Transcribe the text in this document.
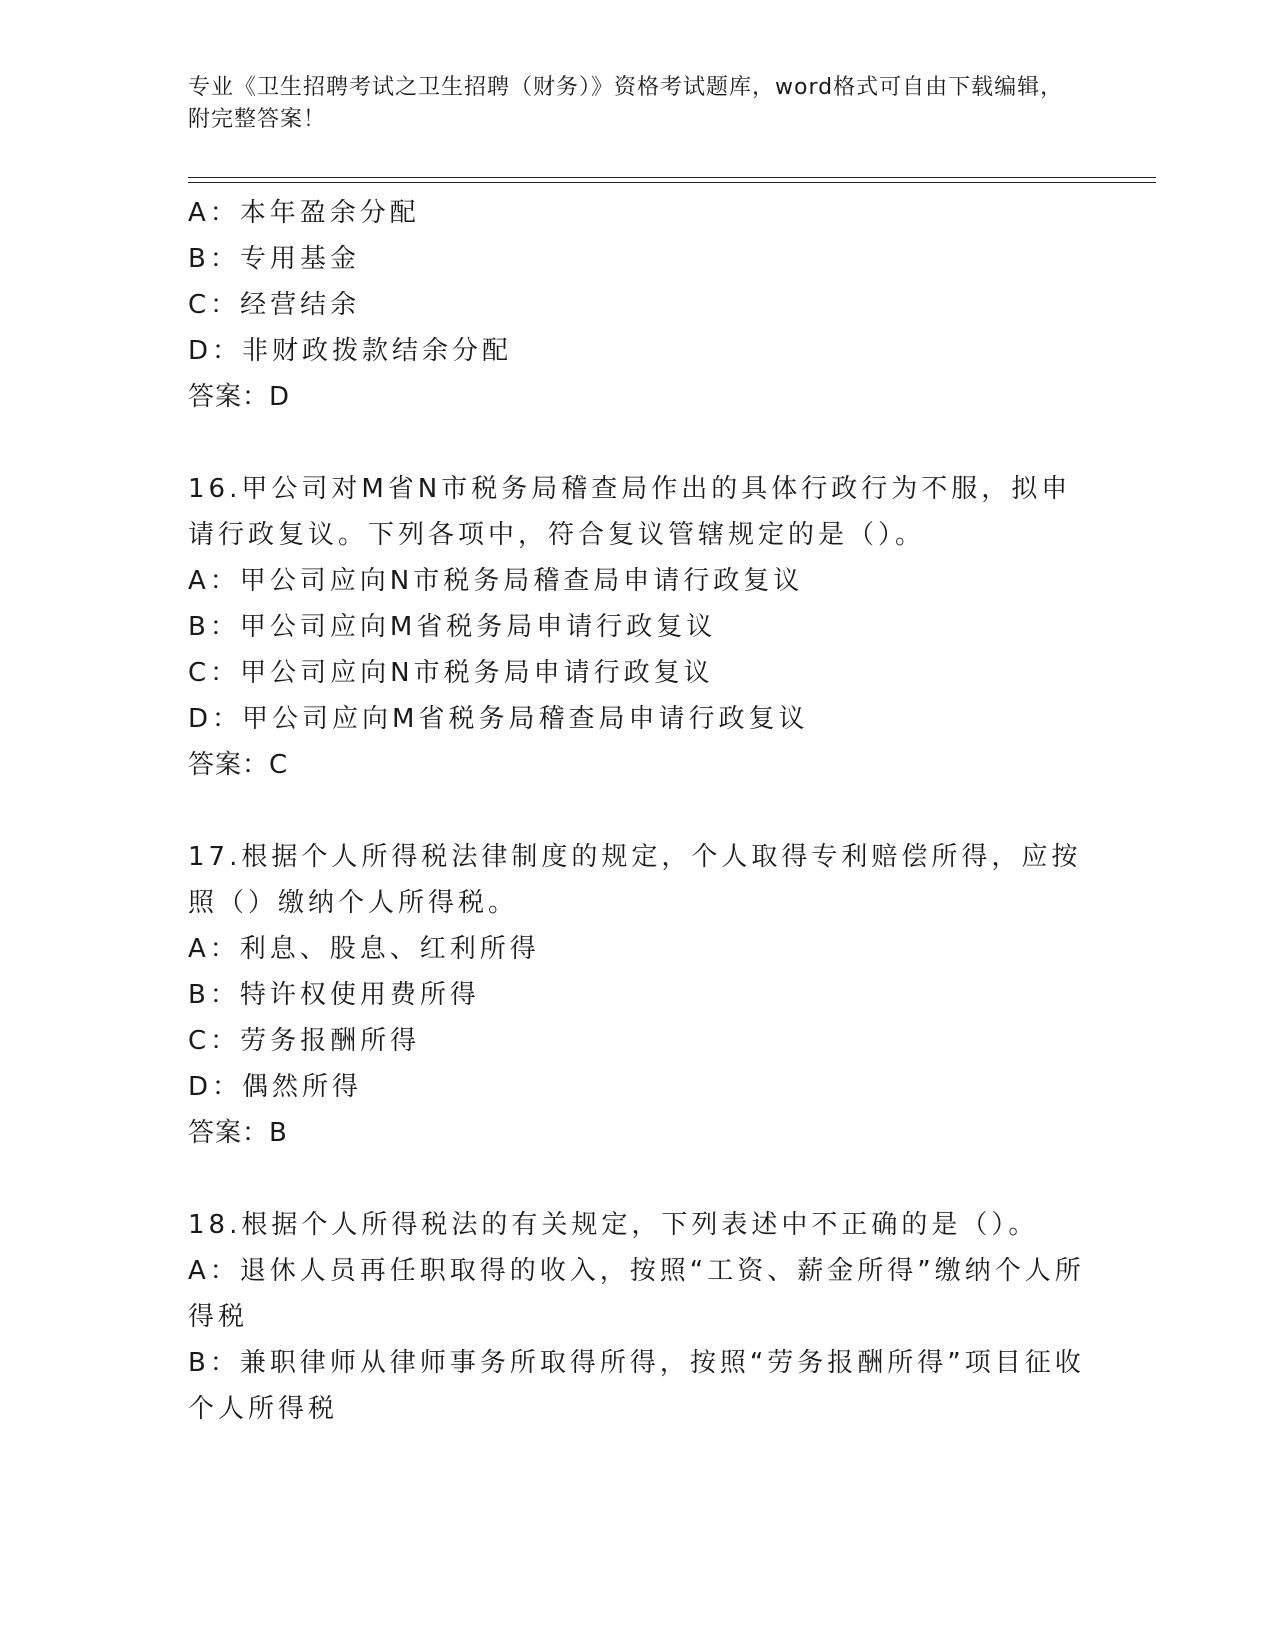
专业《卫生招聘考试之卫生招聘（财务）》资格考试题库，word格式可自由下载编辑，附完整答案！
A：本年盈余分配
B：专用基金
C：经营结余
D：非财政拨款结余分配
答案：D
16.甲公司对M省N市税务局稽查局作出的具体行政行为不服，拟申请行政复议。下列各项中，符合复议管辖规定的是（）。
A：甲公司应向N市税务局稽查局申请行政复议
B：甲公司应向M省税务局申请行政复议
C：甲公司应向N市税务局申请行政复议
D：甲公司应向M省税务局稽查局申请行政复议
答案：C
17.根据个人所得税法律制度的规定，个人取得专利赔偿所得，应按照（）缴纳个人所得税。
A：利息、股息、红利所得
B：特许权使用费所得
C：劳务报酬所得
D：偶然所得
答案：B
18.根据个人所得税法的有关规定，下列表述中不正确的是（）。
A：退休人员再任职取得的收入，按照“工资、薪金所得”缴纳个人所得税
B：兼职律师从律师事务所取得所得，按照“劳务报酬所得”项目征收个人所得税
